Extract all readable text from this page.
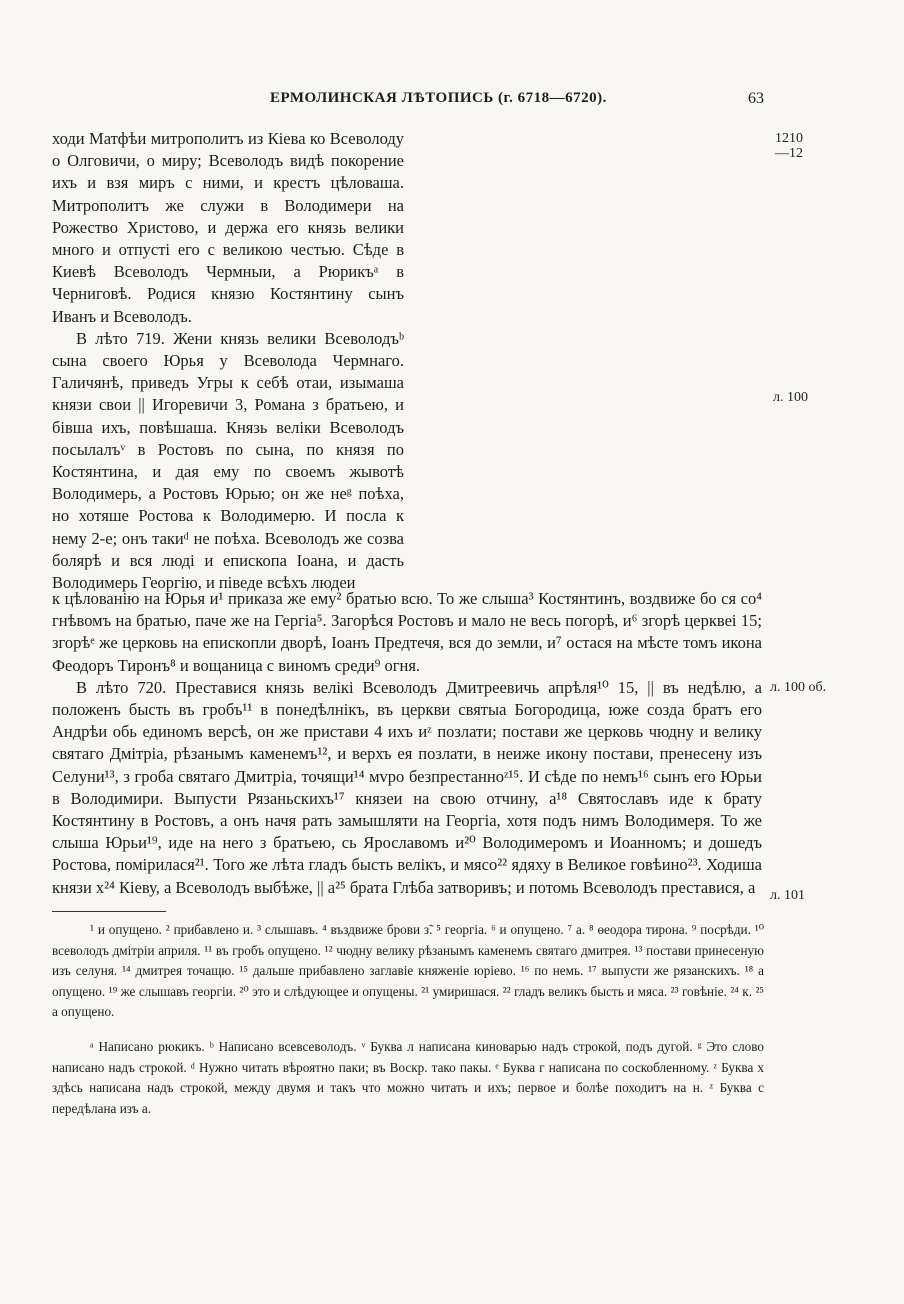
ЕРМОЛИНСКАЯ ЛѢТОПИСЬ (г. 6718—6720).	63
1210
—12
л. 100
л. 100 об.
л. 101

ходи Матфѣи митрополитъ из Кіева ко Всеволоду о Олговичи, о миру; Всеволодъ видѣ покорение ихъ и взя миръ с ними, и крестъ цѣловаша. Митрополитъ же служи в Володимери на Рожество Христово, и держа его князь велики много и отпусті его с великою честью. Сѣде в Киевѣ Всеволодъ Чермныи, а Рюрикъᵃ в Черниговѣ. Родися князю Костянтину сынъ Иванъ и Всеволодъ.

В лѣто 719. Жени князь велики Всеволодъᵇ сына своего Юрья у Всеволода Чермнаго. Галичянѣ, приведъ Угры к себѣ отаи, изымаша князи свои || Игоревичи 3, Романа з братьею, и бівша ихъ, повѣшаша. Князь веліки Всеволодъ посылалъᵛ в Ростовъ по сына, по князя по Костянтина, и дая ему по своемъ жывотѣ Володимерь, а Ростовъ Юрью; он же неᵍ поѣха, но хотяше Ростова к Володимерю. И посла к нему 2-е; онъ такиᵈ не поѣха. Всеволодъ же созва болярѣ и вся люді и епископа Іоана, и дасть Володимерь Георгію, и піведе всѣхъ людеи

к цѣлованію на Юрья и¹ приказа же ему² братью всю. То же слыша³ Костянтинъ, воздвиже бо ся со⁴ гнѣвомъ на братью, паче же на Гергіа⁵. Загорѣся Ростовъ и мало не весь погорѣ, и⁶ згорѣ церквеі 15; згорѣᵉ же церковь на епископли дворѣ, Іоанъ Предтечя, вся до земли, и⁷ остася на мѣсте томъ икона Феодоръ Тиронъ⁸ и вощаница с виномъ среди⁹ огня.

В лѣто 720. Преставися князь велікі Всеволодъ Дмитреевичь апрѣля¹⁰ 15, || въ недѣлю, а положенъ бысть въ гробъ¹¹ в понедѣлнікъ, въ церкви святыа Богородица, юже созда братъ его Андрѣи обь единомъ версѣ, он же пристави 4 ихъ иᶻ позлати; постави же церковь чюдну и велику святаго Дмітріа, рѣзанымъ каменемъ¹², и верхъ ея позлати, в неиже икону постави, пренесену изъ Селуни¹³, з гроба святаго Дмитріа, точящи¹⁴ мvро безпрестанноᶻ¹⁵. И сѣде по немъ¹⁶ сынъ его Юрьи в Володимири. Выпусти Рязаньскихъ¹⁷ князеи на свою отчину, а¹⁸ Святославъ иде к брату Костянтину в Ростовъ, а онъ начя рать замышляти на Георгіа, хотя подъ нимъ Володимеря. То же слыша Юрьи¹⁹, иде на него з братьею, сь Ярославомъ и²⁰ Володимеромъ и Иоанномъ; и дошедъ Ростова, помірилася²¹. Того же лѣта гладъ бысть велікъ, и мясо²² ядяху в Великое говѣино²³. Ходиша князи х²⁴ Кіеву, а Всеволодъ выбѣже, || а²⁵ брата Глѣба затворивъ; и потомь Всеволодъ преставися, а

¹ и опущено. ² прибавлено и. ³ слышавъ. ⁴ въздвиже брови з̃. ⁵ георгіа. ⁶ и опущено. ⁷ а. ⁸ өеодора тирона. ⁹ посрѣди. ¹⁰ всеволодъ дмітріи априля. ¹¹ въ гробъ опущено. ¹² чюдну велику рѣзанымъ каменемъ святаго дмитрея. ¹³ постави принесеную изъ селуня. ¹⁴ дмитрея точащю. ¹⁵ дальше прибавлено заглавіе княженіе юріево. ¹⁶ по немь. ¹⁷ выпусти же рязанскихъ. ¹⁸ а опущено. ¹⁹ же слышавъ георгіи. ²⁰ это и слѣдующее и опущены. ²¹ умиришася. ²² гладъ великъ бысть и мяса. ²³ говѣніе. ²⁴ к. ²⁵ а опущено.

ᵃ Написано рюкикъ. ᵇ Написано всевсеволодъ. ᵛ Буква л написана киноварью надъ строкой, подъ дугой. ᵍ Это слово написано надъ строкой. ᵈ Нужно читать вѣроятно паки; въ Воскр. тако пакы. ᵉ Буква г написана по соскобленному. ᶻ Буква х здѣсь написана надъ строкой, между двумя и такъ что можно читать и ихъ; первое и болѣе походитъ на н. ᶻ Буква с передѣлана изъ а.
